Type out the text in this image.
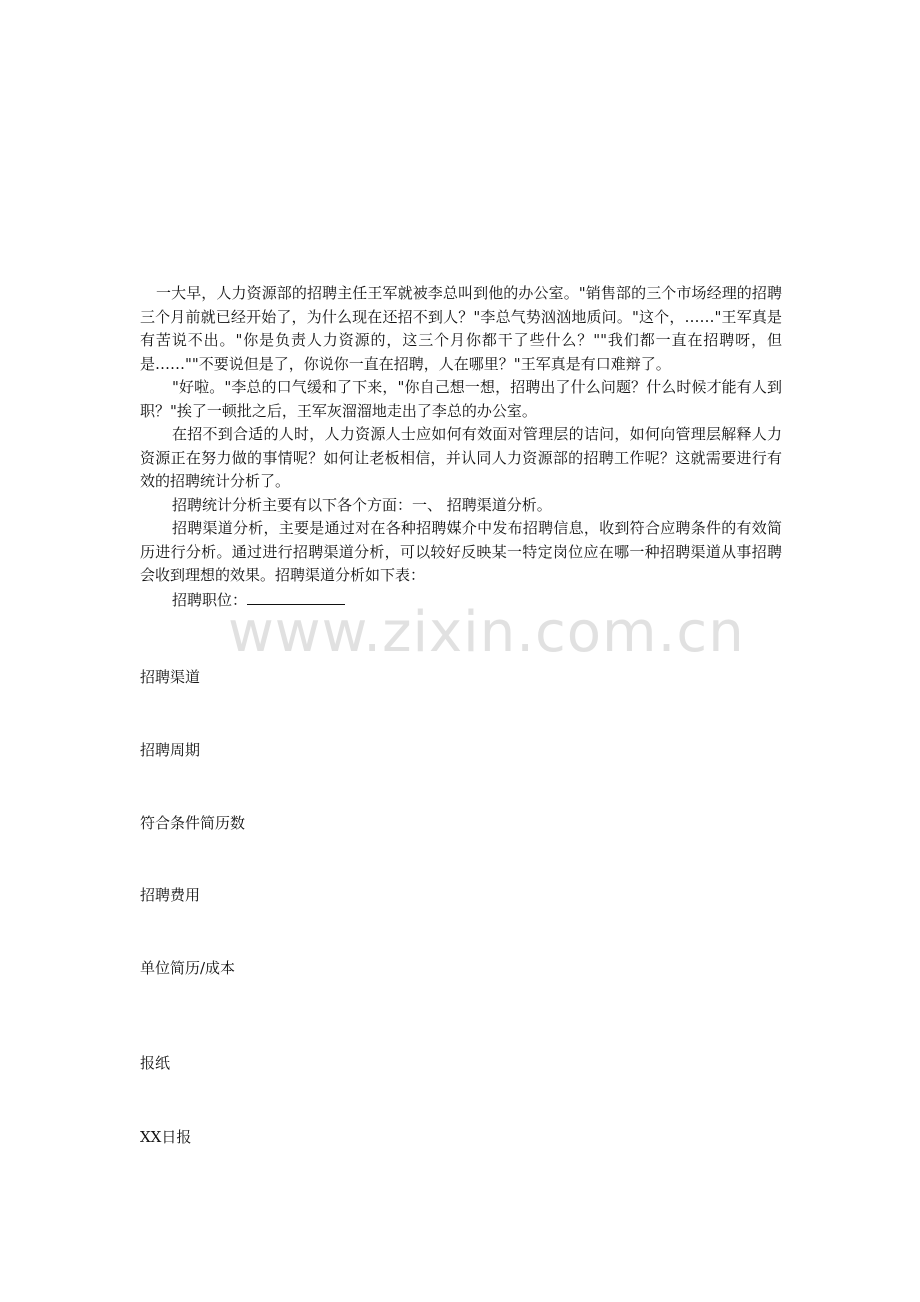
一大早，人力资源部的招聘主任王军就被李总叫到他的办公室。"销售部的三个市场经理的招聘三个月前就已经开始了，为什么现在还招不到人？"李总气势汹汹地质问。"这个，……"王军真是有苦说不出。"你是负责人力资源的，这三个月你都干了些什么？""我们都一直在招聘呀，但是……""不要说但是了，你说你一直在招聘，人在哪里？"王军真是有口难辩了。

"好啦。"李总的口气缓和了下来，"你自己想一想，招聘出了什么问题？什么时候才能有人到职？"挨了一顿批之后，王军灰溜溜地走出了李总的办公室。

在招不到合适的人时，人力资源人士应如何有效面对管理层的诘问，如何向管理层解释人力资源正在努力做的事情呢？如何让老板相信，并认同人力资源部的招聘工作呢？这就需要进行有效的招聘统计分析了。

招聘统计分析主要有以下各个方面：一、 招聘渠道分析。

招聘渠道分析，主要是通过对在各种招聘媒介中发布招聘信息，收到符合应聘条件的有效简历进行分析。通过进行招聘渠道分析，可以较好反映某一特定岗位应在哪一种招聘渠道从事招聘会收到理想的效果。招聘渠道分析如下表：

招聘职位：

招聘渠道

招聘周期

符合条件简历数

招聘费用

单位简历/成本

报纸

XX日报

www.zixin.com.cn
